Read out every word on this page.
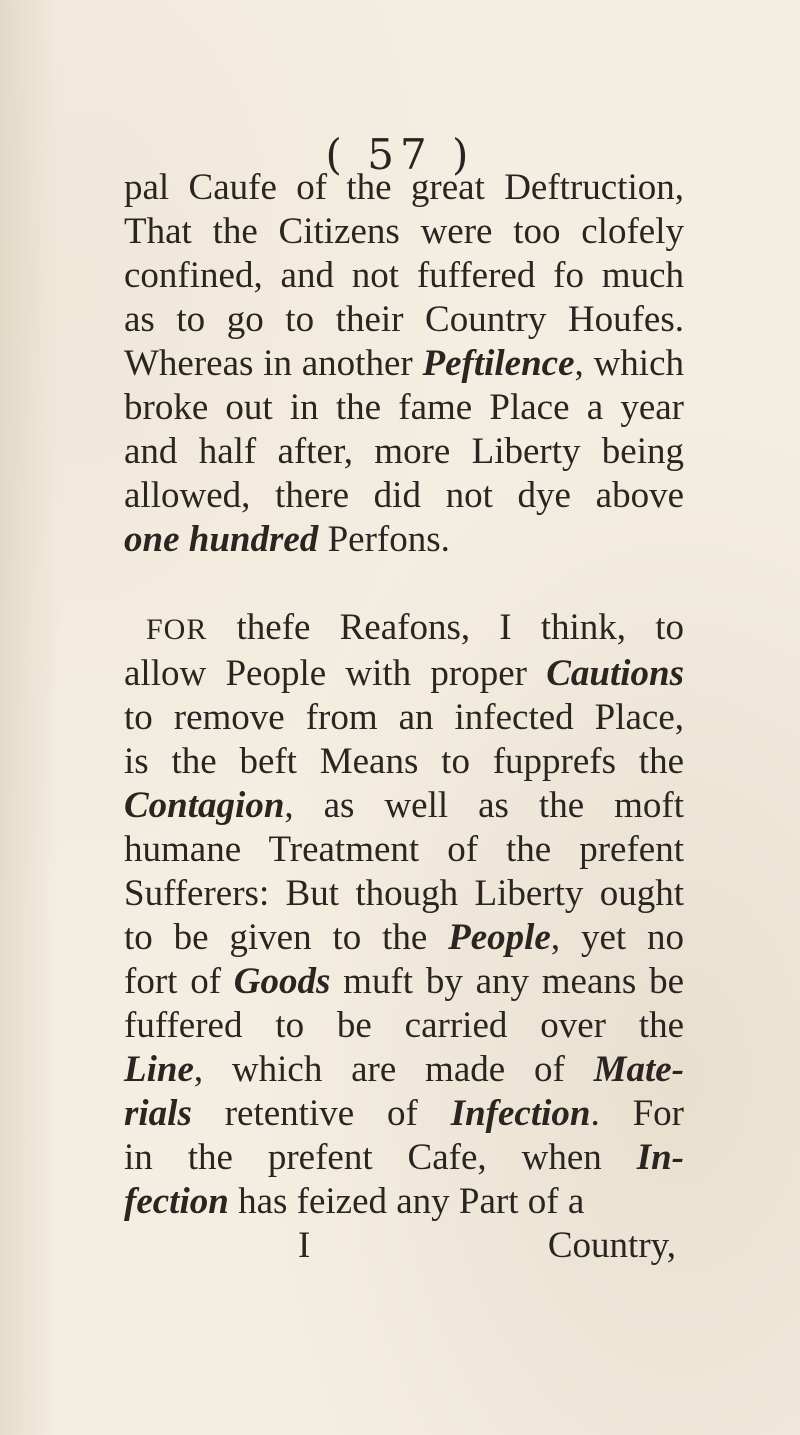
( 57 )
pal Caufe of the great Deftruction,
That the Citizens were too clofely
confined, and not fuffered fo much
as to go to their Country Houfes.
Whereas in another Peftilence, which
broke out in the fame Place a year
and half after, more Liberty being
allowed, there did not dye above
one hundred Perfons.
FOR thefe Reafons, I think, to
allow People with proper Cautions
to remove from an infected Place,
is the beft Means to fupprefs the
Contagion, as well as the moft
humane Treatment of the prefent
Sufferers: But though Liberty ought
to be given to the People, yet no
fort of Goods muft by any means be
fuffered to be carried over the
Line, which are made of Mate-
rials retentive of Infection. For
in the prefent Cafe, when In-
fection has feized any Part of a
I	Country,
